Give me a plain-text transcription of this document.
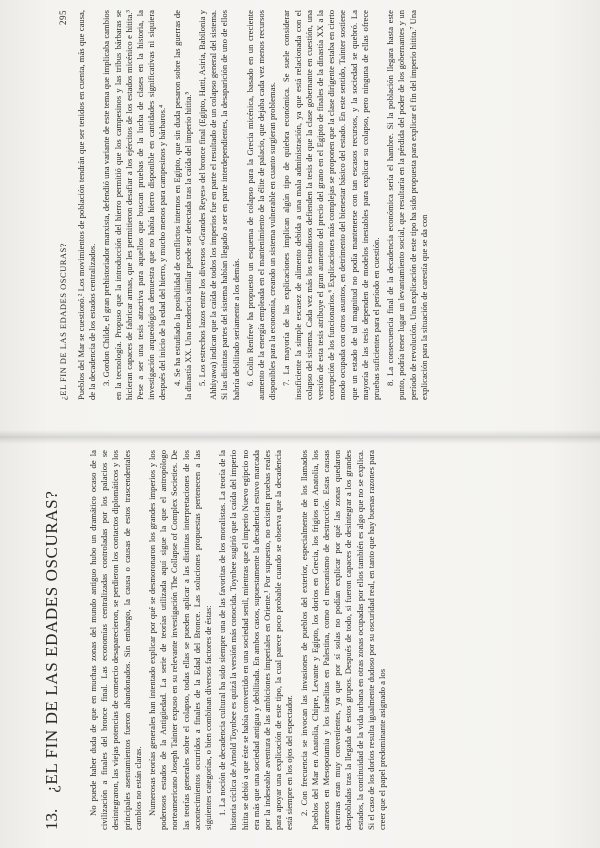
¿EL FIN DE LAS EDADES OSCURAS?
295 Pueblos del Mar se cuestionó.² Los movimientos de población tendrán que ser tenidos en cuenta, más que causa, de la decadencia de los estados centralizados. 3. Gordon Childe, el gran prehistoriador marxista, defendió una variante de este tema que implicaba cambios en la tecnología. Propuso que la introducción del hierro permitió que los campesinos y las tribus bárbaras se hicieran capaces de fabricar armas, que les permitieron desafiar a los ejércitos de los estados micénico e hitita.³ Pese a ser una tesis atractiva para aquellos que buscan pruebas de la lucha de clases en la historia, la investigación arqueológica demuestra que no había hierro disponible en cantidades significativas ni siquiera después del inicio de la edad del hierro, y mucho menos para campesinos y bárbaros.⁴ 4. Se ha estudiado la posibilidad de conflictos internos en Egipto, que sin duda pesaron sobre las guerras de la dinastía XX. Una tendencia similar puede ser detectada tras la caída del imperio hitita.⁵ 5. Los estrechos lazos entre los diversos «Grandes Reyes» del bronce final (Egipto, Hatti, Asiria, Babilonia y Ahhiyawa) indican que la caída de todos los imperios fue en parte el resultado de un colapso general del sistema. Si las distintas partes del sistema habían llegado a ser en parte interdependientes, la desaparición de uno de ellos habría debilitado seriamente a los demás. 6. Colin Renfrew ha propuesto un esquema de colapso para la Grecia micénica, basado en un creciente aumento de la energía empleada en el mantenimiento de la élite de palacio, que dejaba cada vez menos recursos disponibles para la economía, creando un sistema vulnerable en cuanto surgieran problemas. 7. La mayoría de las explicaciones implican algún tipo de quiebra económica. Se suele considerar insuficiente la simple escasez de alimento debida a una mala administración, ya que está relacionada con el colapso del sistema. Cada vez más los estudiosos defienden la tesis de que la clase gobernante en cuestión, una versión de esta tesis atribuye el gran aumento del precio del grano en el Egipto de finales de la dinastía XX a la corrupción de los funcionarios.⁶ Explicaciones más complejas se proponen que la clase dirigente estaba en cierto modo ocupada con otros asuntos, en detrimento del bienestar básico del estado. En este sentido, Tainter sostiene que un estado de tal magnitud no podía mantenerse con tan escasos recursos, y la sociedad se quebró. La mayoría de las tesis dependen de modelos inestables para explicar su colapso, pero ninguna de ellas ofrece pruebas suficientes para el período en cuestión. 8. La consecuencia final de la decadencia económica sería el hambre. Si la población llegara hasta este punto, podría tener lugar un levantamiento social, que resultaría en la pérdida del poder de los gobernantes y un período de revolución. Una explicación de este tipo ha sido propuesta para explicar el fin del imperio hitita.⁷ Una explicación para la situación de carestía que se da con

13.
¿EL FIN DE LAS EDADES OSCURAS?	No puede haber duda de que en muchas zonas del mundo antiguo hubo un dramático ocaso de la civilización a finales del bronce final. Las economías centralizadas controladas por los palacios se desintegraron, las viejas potencias de comercio desaparecieron, se perdieron los contactos diplomáticos y los principales asentamientos fueron abandonados. Sin embargo, la causa o causas de estos trascendentales cambios no están claras. Numerosas teorías generales han intentado explicar por qué se desmoronaron los grandes imperios y los poderosos estados de la Antigüedad. La serie de teorías utilizada aquí sigue la que el antropólogo norteamericano Joseph Tainter expuso en su relevante investigación The Collapse of Complex Societies. De las teorías generales sobre el colapso, todas ellas se pueden aplicar a las distintas interpretaciones de los acontecimientos ocurridos a finales de la Edad del Bronce. Las soluciones propuestas pertenecen a las siguientes categorías, o bien combinan diversos factores de éstas: 1. La noción de decadencia cultural ha sido siempre una de las favoritas de los moralistas. La teoría de la historia cíclica de Arnold Toynbee es quizá la versión más conocida. Toynbee sugirió que la caída del imperio hitita se debió a que éste se había convertido en una sociedad senil, mientras que el imperio Nuevo egipcio no era más que una sociedad antigua y debilitada. En ambos casos, supuestamente la decadencia estuvo marcada por la indeseable aventura de las ambiciones imperiales en Oriente.¹ Por supuesto, no existen pruebas reales para apoyar una explicación de este tipo, la cual parece poco probable cuando se observa que la decadencia está siempre en los ojos del espectador. 2. Con frecuencia se invocan las invasiones de pueblos del exterior, especialmente de los llamados Pueblos del Mar en Anatolia, Chipre, Levante y Egipto, los dorios en Grecia, los frigios en Anatolia, los arameos en Mesopotamia y los israelitas en Palestina, como el mecanismo de destrucción. Estas causas externas eran muy convenientes, ya que por sí solas no podían explicar por qué las zonas quedaron despobladas tras la llegada de estos grupos. Después de todo, si fueron capaces de desintegrar a los grandes estados, la continuidad de la vida urbana en otras zonas ocupadas por ellos también es algo que no se explica. Si el caso de los dorios resulta igualmente dudoso por su oscuridad real, en tanto que hay buenas razones para creer que el papel predominante asignado a los
